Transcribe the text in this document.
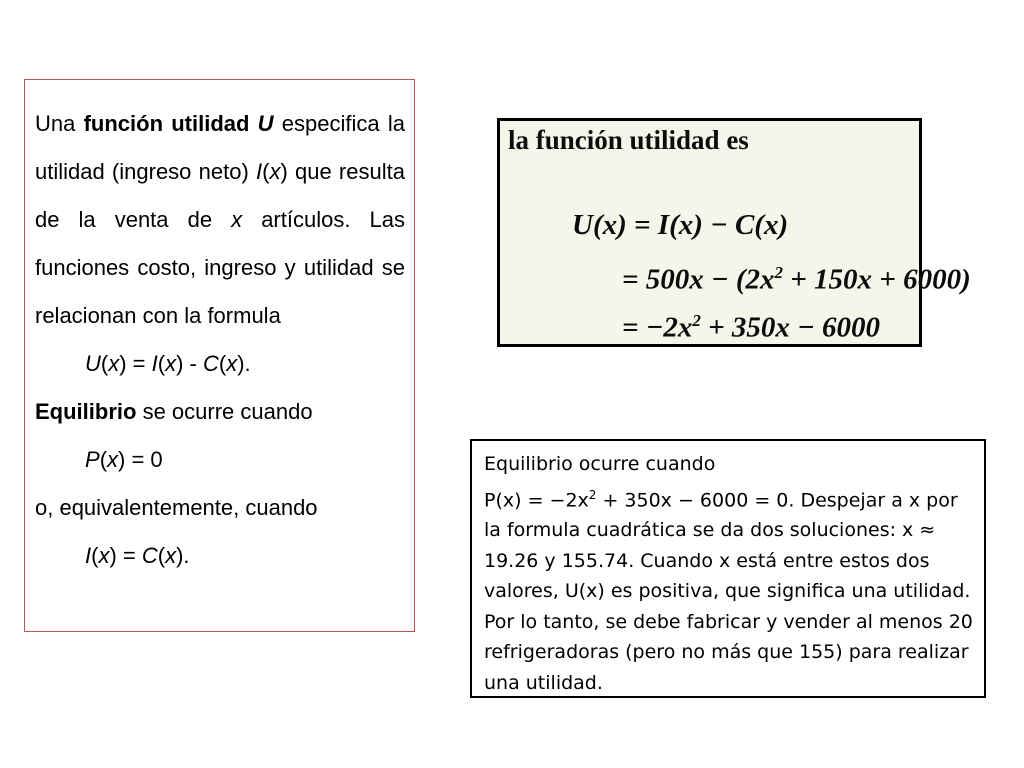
Una función utilidad U especifica la utilidad (ingreso neto) I(x) que resulta de la venta de x artículos. Las funciones costo, ingreso y utilidad se relacionan con la formula

U(x) = I(x) - C(x).

Equilibrio se ocurre cuando

P(x) = 0

o, equivalentemente, cuando

I(x) = C(x).

la función utilidad es
U(x) = I(x) − C(x)
= $500x - (2x^2 + 150x + 6000)$
= $-2x^2 + 350x - 6000$

Equilibrio ocurre cuando

$P(x) = -2x^2 + 350x - 6000 = 0$. Despejar a x por la formula cuadrática se da dos soluciones: x ≈ 19.26 y 155.74. Cuando x está entre estos dos valores, U(x) es positiva, que significa una utilidad. Por lo tanto, se debe fabricar y vender al menos 20 refrigeradoras (pero no más que 155) para realizar una utilidad.
